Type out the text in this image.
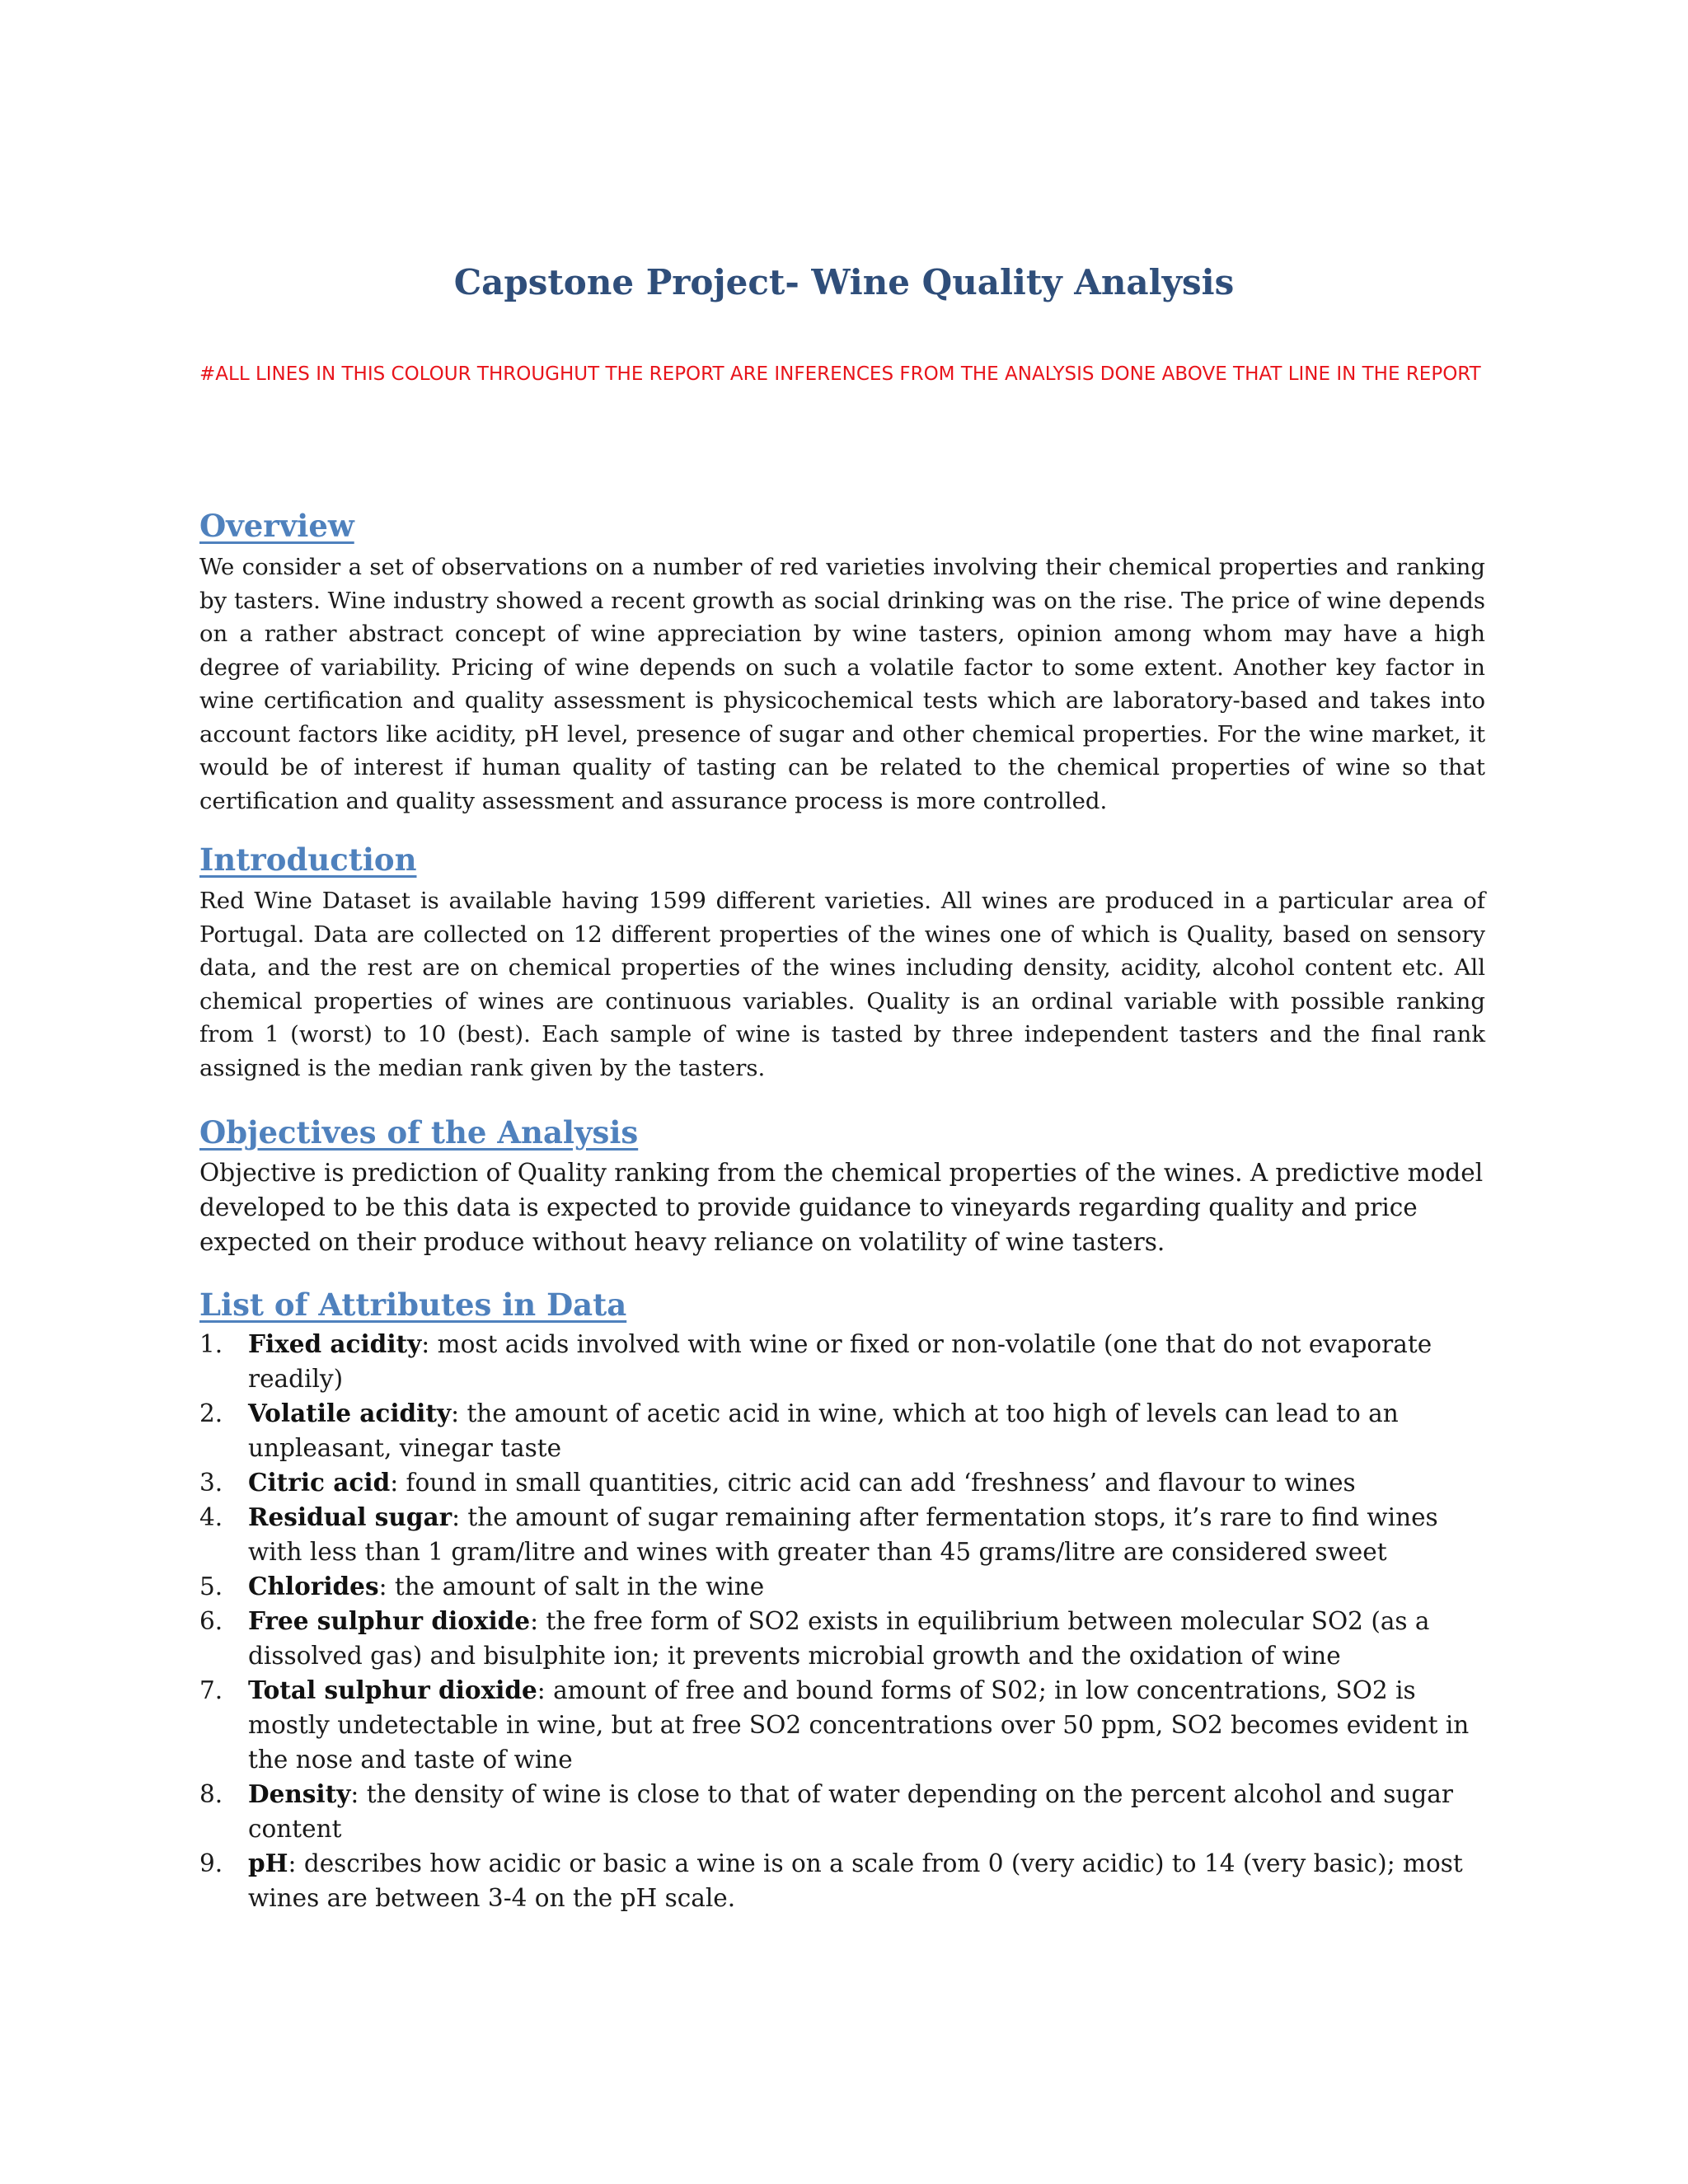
Capstone Project- Wine Quality Analysis
#ALL LINES IN THIS COLOUR THROUGHUT THE REPORT ARE INFERENCES FROM THE ANALYSIS DONE ABOVE THAT LINE IN THE REPORT
Overview

We consider a set of observations on a number of red varieties involving their chemical properties and ranking by tasters. Wine industry showed a recent growth as social drinking was on the rise. The price of wine depends on a rather abstract concept of wine appreciation by wine tasters, opinion among whom may have a high degree of variability. Pricing of wine depends on such a volatile factor to some extent. Another key factor in wine certification and quality assessment is physicochemical tests which are laboratory-based and takes into account factors like acidity, pH level, presence of sugar and other chemical properties. For the wine market, it would be of interest if human quality of tasting can be related to the chemical properties of wine so that certification and quality assessment and assurance process is more controlled.

Introduction

Red Wine Dataset is available having 1599 different varieties. All wines are produced in a particular area of Portugal. Data are collected on 12 different properties of the wines one of which is Quality, based on sensory data, and the rest are on chemical properties of the wines including density, acidity, alcohol content etc. All chemical properties of wines are continuous variables. Quality is an ordinal variable with possible ranking from 1 (worst) to 10 (best). Each sample of wine is tasted by three independent tasters and the final rank assigned is the median rank given by the tasters.

Objectives of the Analysis

Objective is prediction of Quality ranking from the chemical properties of the wines. A predictive model developed to be this data is expected to provide guidance to vineyards regarding quality and price expected on their produce without heavy reliance on volatility of wine tasters.

List of Attributes in Data
1. Fixed acidity: most acids involved with wine or fixed or non-volatile (one that do not evaporate readily)
2. Volatile acidity: the amount of acetic acid in wine, which at too high of levels can lead to an unpleasant, vinegar taste
3. Citric acid: found in small quantities, citric acid can add ‘freshness’ and flavour to wines
4. Residual sugar: the amount of sugar remaining after fermentation stops, it’s rare to find wines with less than 1 gram/litre and wines with greater than 45 grams/litre are considered sweet
5. Chlorides: the amount of salt in the wine
6. Free sulphur dioxide: the free form of SO2 exists in equilibrium between molecular SO2 (as a dissolved gas) and bisulphite ion; it prevents microbial growth and the oxidation of wine
7. Total sulphur dioxide: amount of free and bound forms of S02; in low concentrations, SO2 is mostly undetectable in wine, but at free SO2 concentrations over 50 ppm, SO2 becomes evident in the nose and taste of wine
8. Density: the density of wine is close to that of water depending on the percent alcohol and sugar content
9. pH: describes how acidic or basic a wine is on a scale from 0 (very acidic) to 14 (very basic); most wines are between 3-4 on the pH scale.
